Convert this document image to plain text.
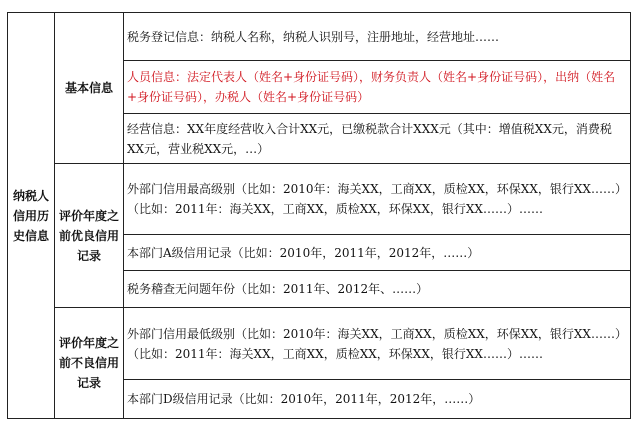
纳税人信用历史信息	基本信息	税务登记信息：纳税人名称，纳税人识别号，注册地址，经营地址……
		人员信息：法定代表人（姓名+身份证号码），财务负责人（姓名+身份证号码），出纳（姓名+身份证号码），办税人（姓名+身份证号码）
		经营信息：XX年度经营收入合计XX元，已缴税款合计XXX元（其中：增值税XX元，消费税XX元，营业税XX元，…）
	评价年度之前优良信用记录	外部门信用最高级别（比如：2010年：海关XX，工商XX，质检XX，环保XX，银行XX……）（比如：2011年：海关XX，工商XX，质检XX，环保XX，银行XX……）……
		本部门A级信用记录（比如：2010年，2011年，2012年，……）
		税务稽查无问题年份（比如：2011年、2012年、……）
	评价年度之前不良信用记录	外部门信用最低级别（比如：2010年：海关XX，工商XX，质检XX，环保XX，银行XX……）（比如：2011年：海关XX，工商XX，质检XX，环保XX，银行XX……）……
		本部门D级信用记录（比如：2010年，2011年，2012年，……）
